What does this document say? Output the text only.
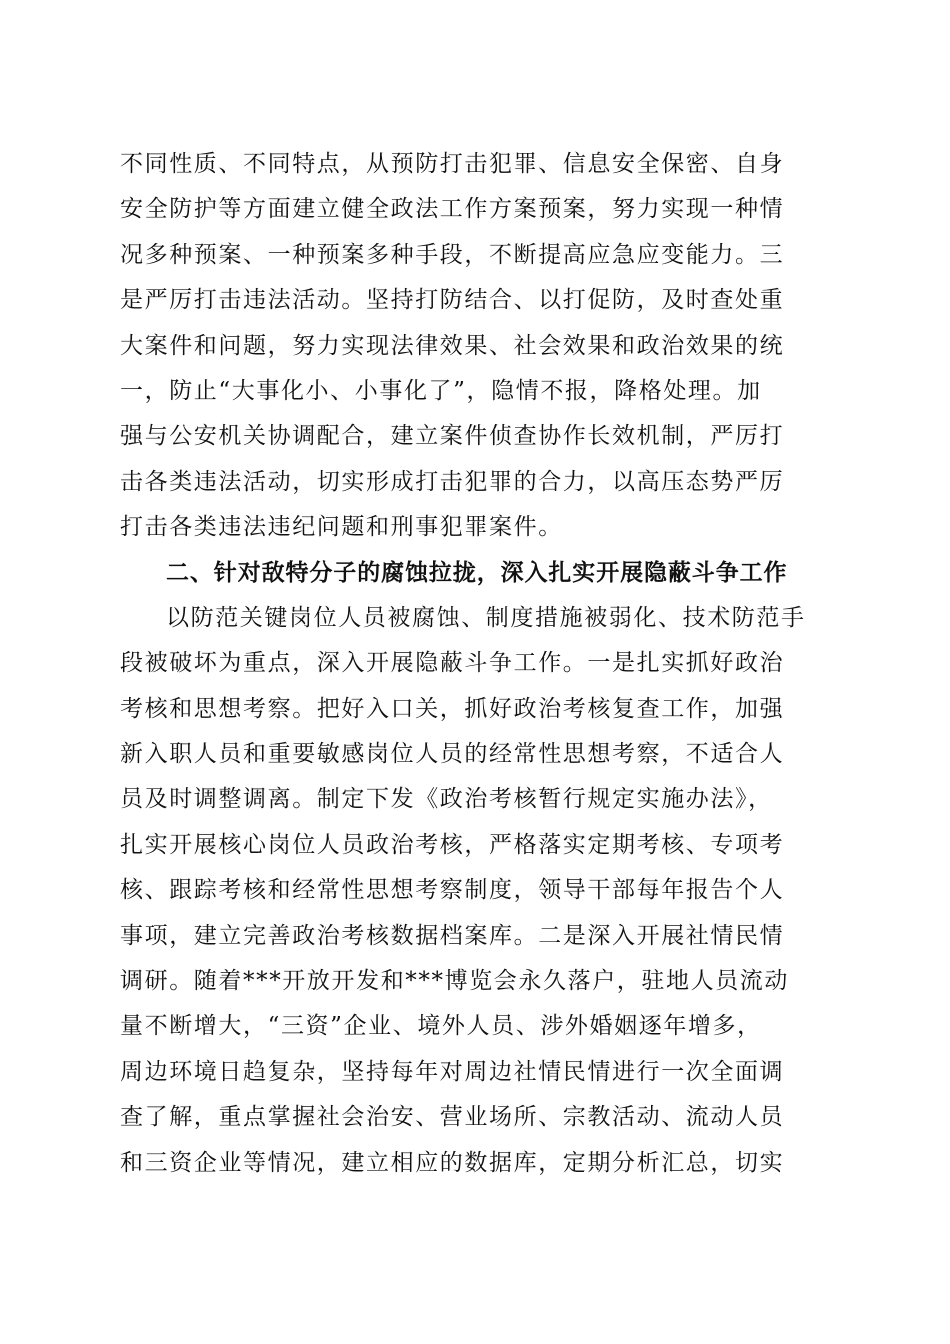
不同性质、不同特点，从预防打击犯罪、信息安全保密、自身
安全防护等方面建立健全政法工作方案预案，努力实现一种情
况多种预案、一种预案多种手段，不断提高应急应变能力。三
是严厉打击违法活动。坚持打防结合、以打促防，及时查处重
大案件和问题，努力实现法律效果、社会效果和政治效果的统
一，防止“大事化小、小事化了”，隐情不报，降格处理。加
强与公安机关协调配合，建立案件侦查协作长效机制，严厉打
击各类违法活动，切实形成打击犯罪的合力，以高压态势严厉
打击各类违法违纪问题和刑事犯罪案件。
二、针对敌特分子的腐蚀拉拢，深入扎实开展隐蔽斗争工作
以防范关键岗位人员被腐蚀、制度措施被弱化、技术防范手
段被破坏为重点，深入开展隐蔽斗争工作。一是扎实抓好政治
考核和思想考察。把好入口关，抓好政治考核复查工作，加强
新入职人员和重要敏感岗位人员的经常性思想考察，不适合人
员及时调整调离。制定下发《政治考核暂行规定实施办法》，
扎实开展核心岗位人员政治考核，严格落实定期考核、专项考
核、跟踪考核和经常性思想考察制度，领导干部每年报告个人
事项，建立完善政治考核数据档案库。二是深入开展社情民情
调研。随着***开放开发和***博览会永久落户，驻地人员流动
量不断增大，“三资”企业、境外人员、涉外婚姻逐年增多，
周边环境日趋复杂，坚持每年对周边社情民情进行一次全面调
查了解，重点掌握社会治安、营业场所、宗教活动、流动人员
和三资企业等情况，建立相应的数据库，定期分析汇总，切实
